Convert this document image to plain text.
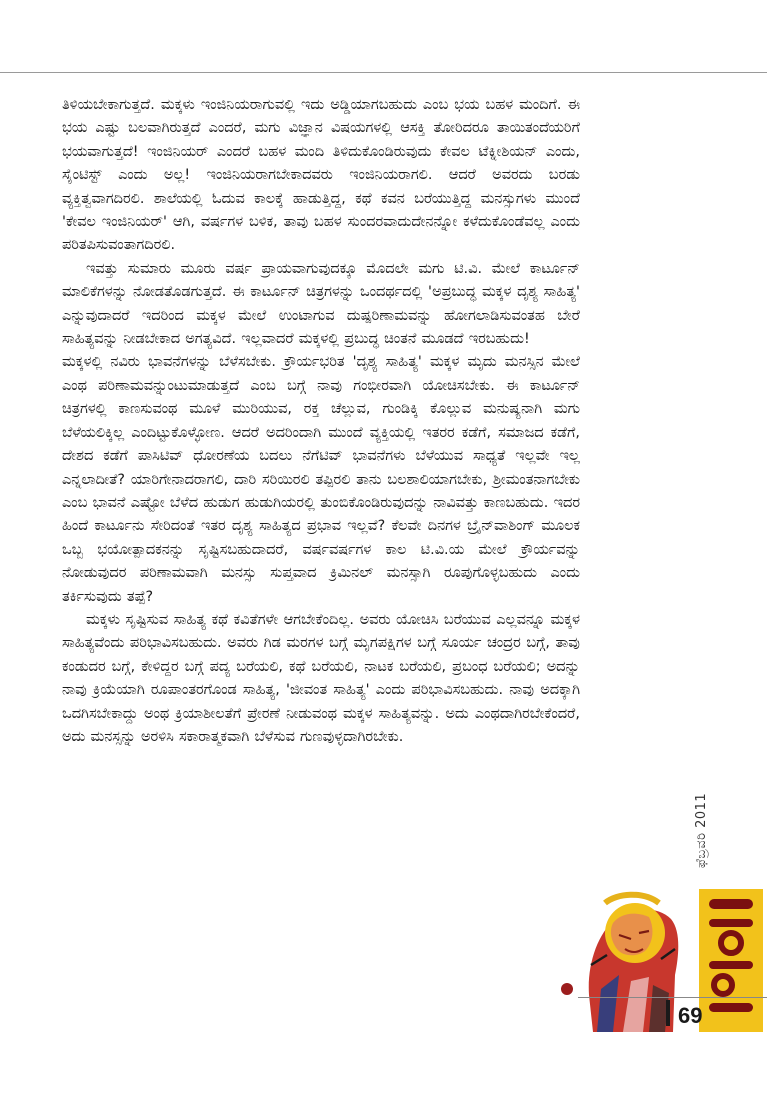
ತಿಳಿಯಬೇಕಾಗುತ್ತದೆ. ಮಕ್ಕಳು ಇಂಜಿನಿಯರಾಗುವಲ್ಲಿ ಇದು ಅಡ್ಡಿಯಾಗಬಹುದು ಎಂಬ ಭಯ ಬಹಳ ಮಂದಿಗೆ. ಈ ಭಯ ಎಷ್ಟು ಬಲವಾಗಿರುತ್ತದೆ ಎಂದರೆ, ಮಗು ವಿಜ್ಞಾನ ವಿಷಯಗಳಲ್ಲಿ ಆಸಕ್ತಿ ತೋರಿದರೂ ತಾಯಿತಂದೆಯರಿಗೆ ಭಯವಾಗುತ್ತದೆ! ಇಂಜಿನಿಯರ್ ಎಂದರೆ ಬಹಳ ಮಂದಿ ತಿಳಿದುಕೊಂಡಿರುವುದು ಕೇವಲ ಟೆಕ್ನೀಶಿಯನ್ ಎಂದು, ಸೈಂಟಿಸ್ಟ್ ಎಂದು ಅಲ್ಲ! ಇಂಜಿನಿಯರಾಗಬೇಕಾದವರು ಇಂಜಿನಿಯರಾಗಲಿ. ಆದರೆ ಅವರದು ಬರಡು ವ್ಯಕ್ತಿತ್ವವಾಗದಿರಲಿ. ಶಾಲೆಯಲ್ಲಿ ಓದುವ ಕಾಲಕ್ಕೆ ಹಾಡುತ್ತಿದ್ದ, ಕಥೆ ಕವನ ಬರೆಯುತ್ತಿದ್ದ ಮನಸ್ಸುಗಳು ಮುಂದೆ 'ಕೇವಲ ಇಂಜಿನಿಯರ್' ಆಗಿ, ವರ್ಷಗಳ ಬಳಿಕ, ತಾವು ಬಹಳ ಸುಂದರವಾದುದೇನನ್ನೋ ಕಳೆದುಕೊಂಡೆವಲ್ಲ ಎಂದು ಪರಿತಪಿಸುವಂತಾಗದಿರಲಿ.

ಇವತ್ತು ಸುಮಾರು ಮೂರು ವರ್ಷ ಪ್ರಾಯವಾಗುವುದಕ್ಕೂ ಮೊದಲೇ ಮಗು ಟಿ.ವಿ. ಮೇಲೆ ಕಾರ್ಟೂನ್ ಮಾಲಿಕೆಗಳನ್ನು ನೋಡತೊಡಗುತ್ತದೆ. ಈ ಕಾರ್ಟೂನ್ ಚಿತ್ರಗಳನ್ನು ಒಂದರ್ಥದಲ್ಲಿ 'ಅಪ್ರಬುದ್ಧ ಮಕ್ಕಳ ದೃಶ್ಯ ಸಾಹಿತ್ಯ' ಎನ್ನುವುದಾದರೆ ಇದರಿಂದ ಮಕ್ಕಳ ಮೇಲೆ ಉಂಟಾಗುವ ದುಷ್ಪರಿಣಾಮವನ್ನು ಹೋಗಲಾಡಿಸುವಂತಹ ಬೇರೆ ಸಾಹಿತ್ಯವನ್ನು ನೀಡಬೇಕಾದ ಅಗತ್ಯವಿದೆ. ಇಲ್ಲವಾದರೆ ಮಕ್ಕಳಲ್ಲಿ ಪ್ರಬುದ್ಧ ಚಿಂತನೆ ಮೂಡದೆ ಇರಬಹುದು!

ಮಕ್ಕಳಲ್ಲಿ ನವಿರು ಭಾವನೆಗಳನ್ನು ಬೆಳೆಸಬೇಕು. ಕ್ರೌರ್ಯಭರಿತ 'ದೃಶ್ಯ ಸಾಹಿತ್ಯ' ಮಕ್ಕಳ ಮೃದು ಮನಸ್ಸಿನ ಮೇಲೆ ಎಂಥ ಪರಿಣಾಮವನ್ನುಂಟುಮಾಡುತ್ತದೆ ಎಂಬ ಬಗ್ಗೆ ನಾವು ಗಂಭೀರವಾಗಿ ಯೋಚಿಸಬೇಕು. ಈ ಕಾರ್ಟೂನ್ ಚಿತ್ರಗಳಲ್ಲಿ ಕಾಣಸುವಂಥ ಮೂಳೆ ಮುರಿಯುವ, ರಕ್ತ ಚೆಲ್ಲುವ, ಗುಂಡಿಕ್ಕಿ ಕೊಲ್ಲುವ ಮನುಷ್ಯನಾಗಿ ಮಗು ಬೆಳೆಯಲಿಕ್ಕಿಲ್ಲ ಎಂದಿಟ್ಟುಕೊಳ್ಳೋಣ. ಆದರೆ ಅದರಿಂದಾಗಿ ಮುಂದೆ ವ್ಯಕ್ತಿಯಲ್ಲಿ ಇತರರ ಕಡೆಗೆ, ಸಮಾಜದ ಕಡೆಗೆ, ದೇಶದ ಕಡೆಗೆ ಪಾಸಿಟಿವ್ ಧೋರಣೆಯ ಬದಲು ನೆಗೆಟಿವ್ ಭಾವನೆಗಳು ಬೆಳೆಯುವ ಸಾಧ್ಯತೆ ಇಲ್ಲವೇ ಇಲ್ಲ ಎನ್ನಲಾದೀತೆ? ಯಾರಿಗೇನಾದರಾಗಲಿ, ದಾರಿ ಸರಿಯಿರಲಿ ತಪ್ಪಿರಲಿ ತಾನು ಬಲಶಾಲಿಯಾಗಬೇಕು, ಶ್ರೀಮಂತನಾಗಬೇಕು ಎಂಬ ಭಾವನೆ ಎಷ್ಟೋ ಬೆಳೆದ ಹುಡುಗ ಹುಡುಗಿಯರಲ್ಲಿ ತುಂಬಿಕೊಂಡಿರುವುದನ್ನು ನಾವಿವತ್ತು ಕಾಣಬಹುದು. ಇದರ ಹಿಂದೆ ಕಾರ್ಟೂನು ಸೇರಿದಂತೆ ಇತರ ದೃಶ್ಯ ಸಾಹಿತ್ಯದ ಪ್ರಭಾವ ಇಲ್ಲವೆ? ಕೆಲವೇ ದಿನಗಳ ಬ್ರೈನ್‌ವಾಶಿಂಗ್ ಮೂಲಕ ಒಬ್ಬ ಭಯೋತ್ಪಾದಕನನ್ನು ಸೃಷ್ಟಿಸಬಹುದಾದರೆ, ವರ್ಷವರ್ಷಗಳ ಕಾಲ ಟಿ.ವಿ.ಯ ಮೇಲೆ ಕ್ರೌರ್ಯವನ್ನು ನೋಡುವುದರ ಪರಿಣಾಮವಾಗಿ ಮನಸ್ಸು ಸುಪ್ತವಾದ ಕ್ರಿಮಿನಲ್ ಮನಸ್ಸಾಗಿ ರೂಪುಗೊಳ್ಳಬಹುದು ಎಂದು ತರ್ಕಿಸುವುದು ತಪ್ಪೆ?

ಮಕ್ಕಳು ಸೃಷ್ಟಿಸುವ ಸಾಹಿತ್ಯ ಕಥೆ ಕವಿತೆಗಳೇ ಆಗಬೇಕೆಂದಿಲ್ಲ. ಅವರು ಯೋಚಿಸಿ ಬರೆಯುವ ಎಲ್ಲವನ್ನೂ ಮಕ್ಕಳ ಸಾಹಿತ್ಯವೆಂದು ಪರಿಭಾವಿಸಬಹುದು. ಅವರು ಗಿಡ ಮರಗಳ ಬಗ್ಗೆ ಮೃಗಪಕ್ಷಿಗಳ ಬಗ್ಗೆ ಸೂರ್ಯ ಚಂದ್ರರ ಬಗ್ಗೆ, ತಾವು ಕಂಡುದರ ಬಗ್ಗೆ, ಕೇಳಿದ್ದರ ಬಗ್ಗೆ ಪದ್ಯ ಬರೆಯಲಿ, ಕಥೆ ಬರೆಯಲಿ, ನಾಟಕ ಬರೆಯಲಿ, ಪ್ರಬಂಧ ಬರೆಯಲಿ; ಅದನ್ನು ನಾವು ಕ್ರಿಯೆಯಾಗಿ ರೂಪಾಂತರಗೊಂಡ ಸಾಹಿತ್ಯ, 'ಜೀವಂತ ಸಾಹಿತ್ಯ' ಎಂದು ಪರಿಭಾವಿಸಬಹುದು. ನಾವು ಅದಕ್ಕಾಗಿ ಒದಗಿಸಬೇಕಾದ್ದು ಅಂಥ ಕ್ರಿಯಾಶೀಲತೆಗೆ ಪ್ರೇರಣೆ ನೀಡುವಂಥ ಮಕ್ಕಳ ಸಾಹಿತ್ಯವನ್ನು. ಅದು ಎಂಥದಾಗಿರಬೇಕೆಂದರೆ, ಅದು ಮನಸ್ಸನ್ನು ಅರಳಿಸಿ ಸಕಾರಾತ್ಮಕವಾಗಿ ಬೆಳೆಸುವ ಗುಣವುಳ್ಳದಾಗಿರಬೇಕು.

ಫೆಬ್ರವರಿ 2011
69
